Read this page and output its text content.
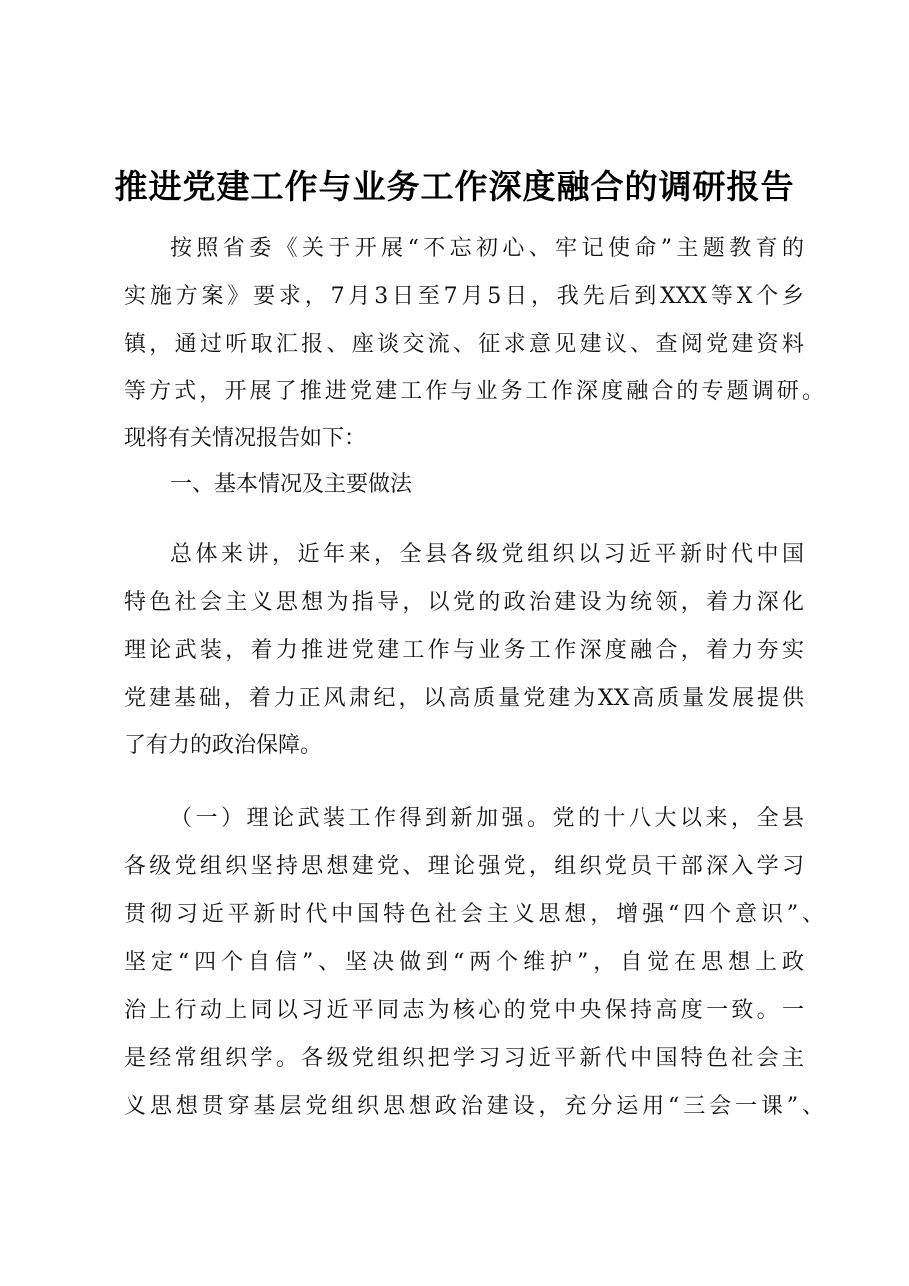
推进党建工作与业务工作深度融合的调研报告
按照省委《关于开展“不忘初心、牢记使命”主题教育的
实施方案》要求，7月3日至7月5日，我先后到XXX等X个乡
镇，通过听取汇报、座谈交流、征求意见建议、查阅党建资料
等方式，开展了推进党建工作与业务工作深度融合的专题调研。
现将有关情况报告如下：
一、基本情况及主要做法
总体来讲，近年来，全县各级党组织以习近平新时代中国
特色社会主义思想为指导，以党的政治建设为统领，着力深化
理论武装，着力推进党建工作与业务工作深度融合，着力夯实
党建基础，着力正风肃纪，以高质量党建为XX高质量发展提供
了有力的政治保障。
（一）理论武装工作得到新加强。党的十八大以来，全县
各级党组织坚持思想建党、理论强党，组织党员干部深入学习
贯彻习近平新时代中国特色社会主义思想，增强“四个意识”、
坚定“四个自信”、坚决做到“两个维护”，自觉在思想上政
治上行动上同以习近平同志为核心的党中央保持高度一致。一
是经常组织学。各级党组织把学习习近平新代中国特色社会主
义思想贯穿基层党组织思想政治建设，充分运用“三会一课”、
